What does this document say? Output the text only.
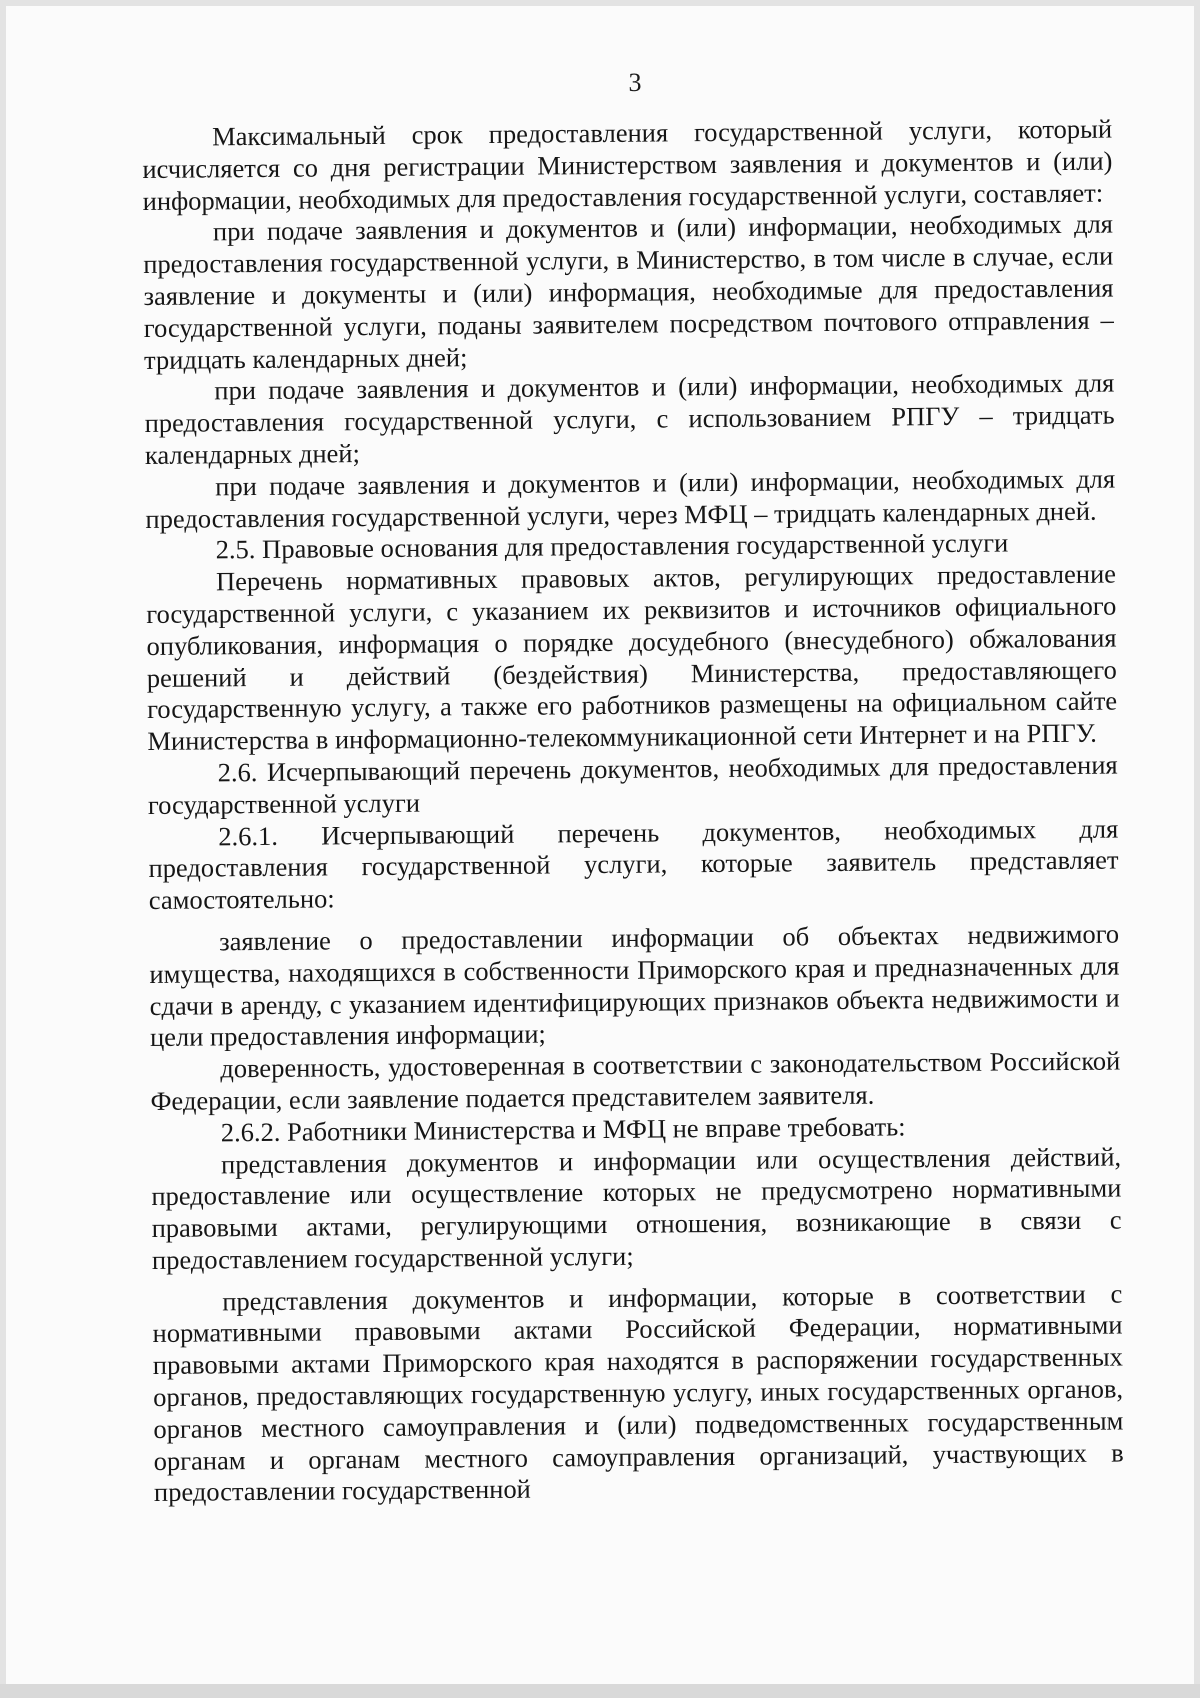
3

Максимальный срок предоставления государственной услуги, который исчисляется со дня регистрации Министерством заявления и документов и (или) информации, необходимых для предоставления государственной услуги, составляет:

при подаче заявления и документов и (или) информации, необходимых для предоставления государственной услуги, в Министерство, в том числе в случае, если заявление и документы и (или) информация, необходимые для предоставления государственной услуги, поданы заявителем посредством почтового отправления – тридцать календарных дней;

при подаче заявления и документов и (или) информации, необходимых для предоставления государственной услуги, с использованием РПГУ – тридцать календарных дней;

при подаче заявления и документов и (или) информации, необходимых для предоставления государственной услуги, через МФЦ – тридцать календарных дней.

2.5. Правовые основания для предоставления государственной услуги

Перечень нормативных правовых актов, регулирующих предоставление государственной услуги, с указанием их реквизитов и источников официального опубликования, информация о порядке досудебного (внесудебного) обжалования решений и действий (бездействия) Министерства, предоставляющего государственную услугу, а также его работников размещены на официальном сайте Министерства в информационно-телекоммуникационной сети Интернет и на РПГУ.

2.6. Исчерпывающий перечень документов, необходимых для предоставления государственной услуги

2.6.1. Исчерпывающий перечень документов, необходимых для предоставления государственной услуги, которые заявитель представляет самостоятельно:

заявление о предоставлении информации об объектах недвижимого имущества, находящихся в собственности Приморского края и предназначенных для сдачи в аренду, с указанием идентифицирующих признаков объекта недвижимости и цели предоставления информации;

доверенность, удостоверенная в соответствии с законодательством Российской Федерации, если заявление подается представителем заявителя.

2.6.2. Работники Министерства и МФЦ не вправе требовать:

представления документов и информации или осуществления действий, предоставление или осуществление которых не предусмотрено нормативными правовыми актами, регулирующими отношения, возникающие в связи с предоставлением государственной услуги;

представления документов и информации, которые в соответствии с нормативными правовыми актами Российской Федерации, нормативными правовыми актами Приморского края находятся в распоряжении государственных органов, предоставляющих государственную услугу, иных государственных органов, органов местного самоуправления и (или) подведомственных государственным органам и органам местного самоуправления организаций, участвующих в предоставлении государственной
